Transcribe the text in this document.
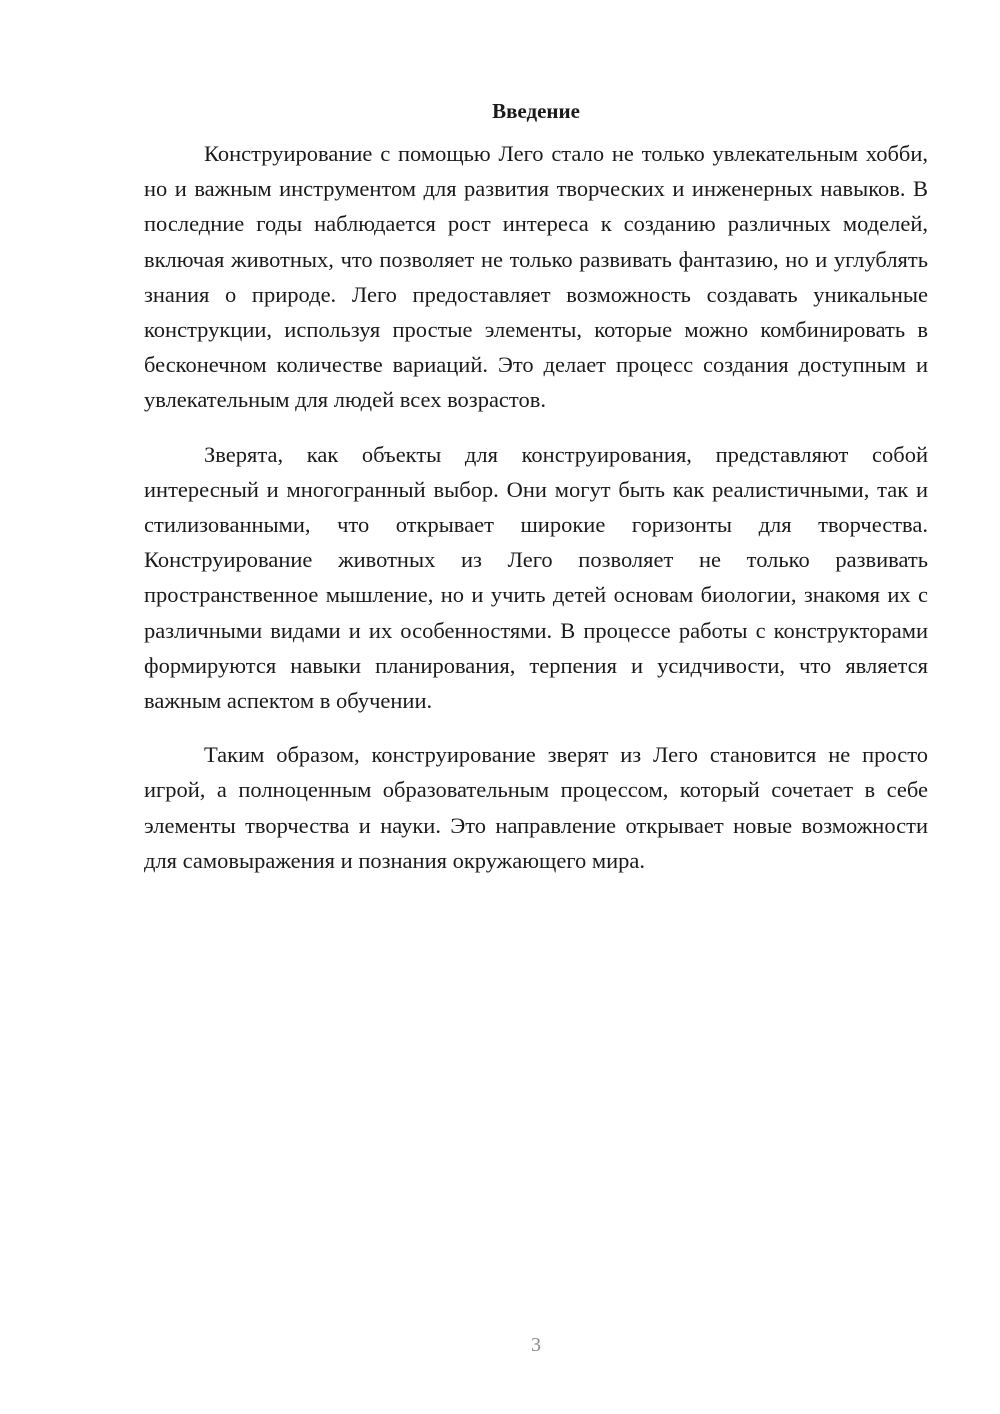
Введение

Конструирование с помощью Лего стало не только увлекательным хобби, но и важным инструментом для развития творческих и инженерных навыков. В последние годы наблюдается рост интереса к созданию различных моделей, включая животных, что позволяет не только развивать фантазию, но и углублять знания о природе. Лего предоставляет возможность создавать уникальные конструкции, используя простые элементы, которые можно комбинировать в бесконечном количестве вариаций. Это делает процесс создания доступным и увлекательным для людей всех возрастов.

Зверята, как объекты для конструирования, представляют собой интересный и многогранный выбор. Они могут быть как реалистичными, так и стилизованными, что открывает широкие горизонты для творчества. Конструирование животных из Лего позволяет не только развивать пространственное мышление, но и учить детей основам биологии, знакомя их с различными видами и их особенностями. В процессе работы с конструкторами формируются навыки планирования, терпения и усидчивости, что является важным аспектом в обучении.

Таким образом, конструирование зверят из Лего становится не просто игрой, а полноценным образовательным процессом, который сочетает в себе элементы творчества и науки. Это направление открывает новые возможности для самовыражения и познания окружающего мира.

3
